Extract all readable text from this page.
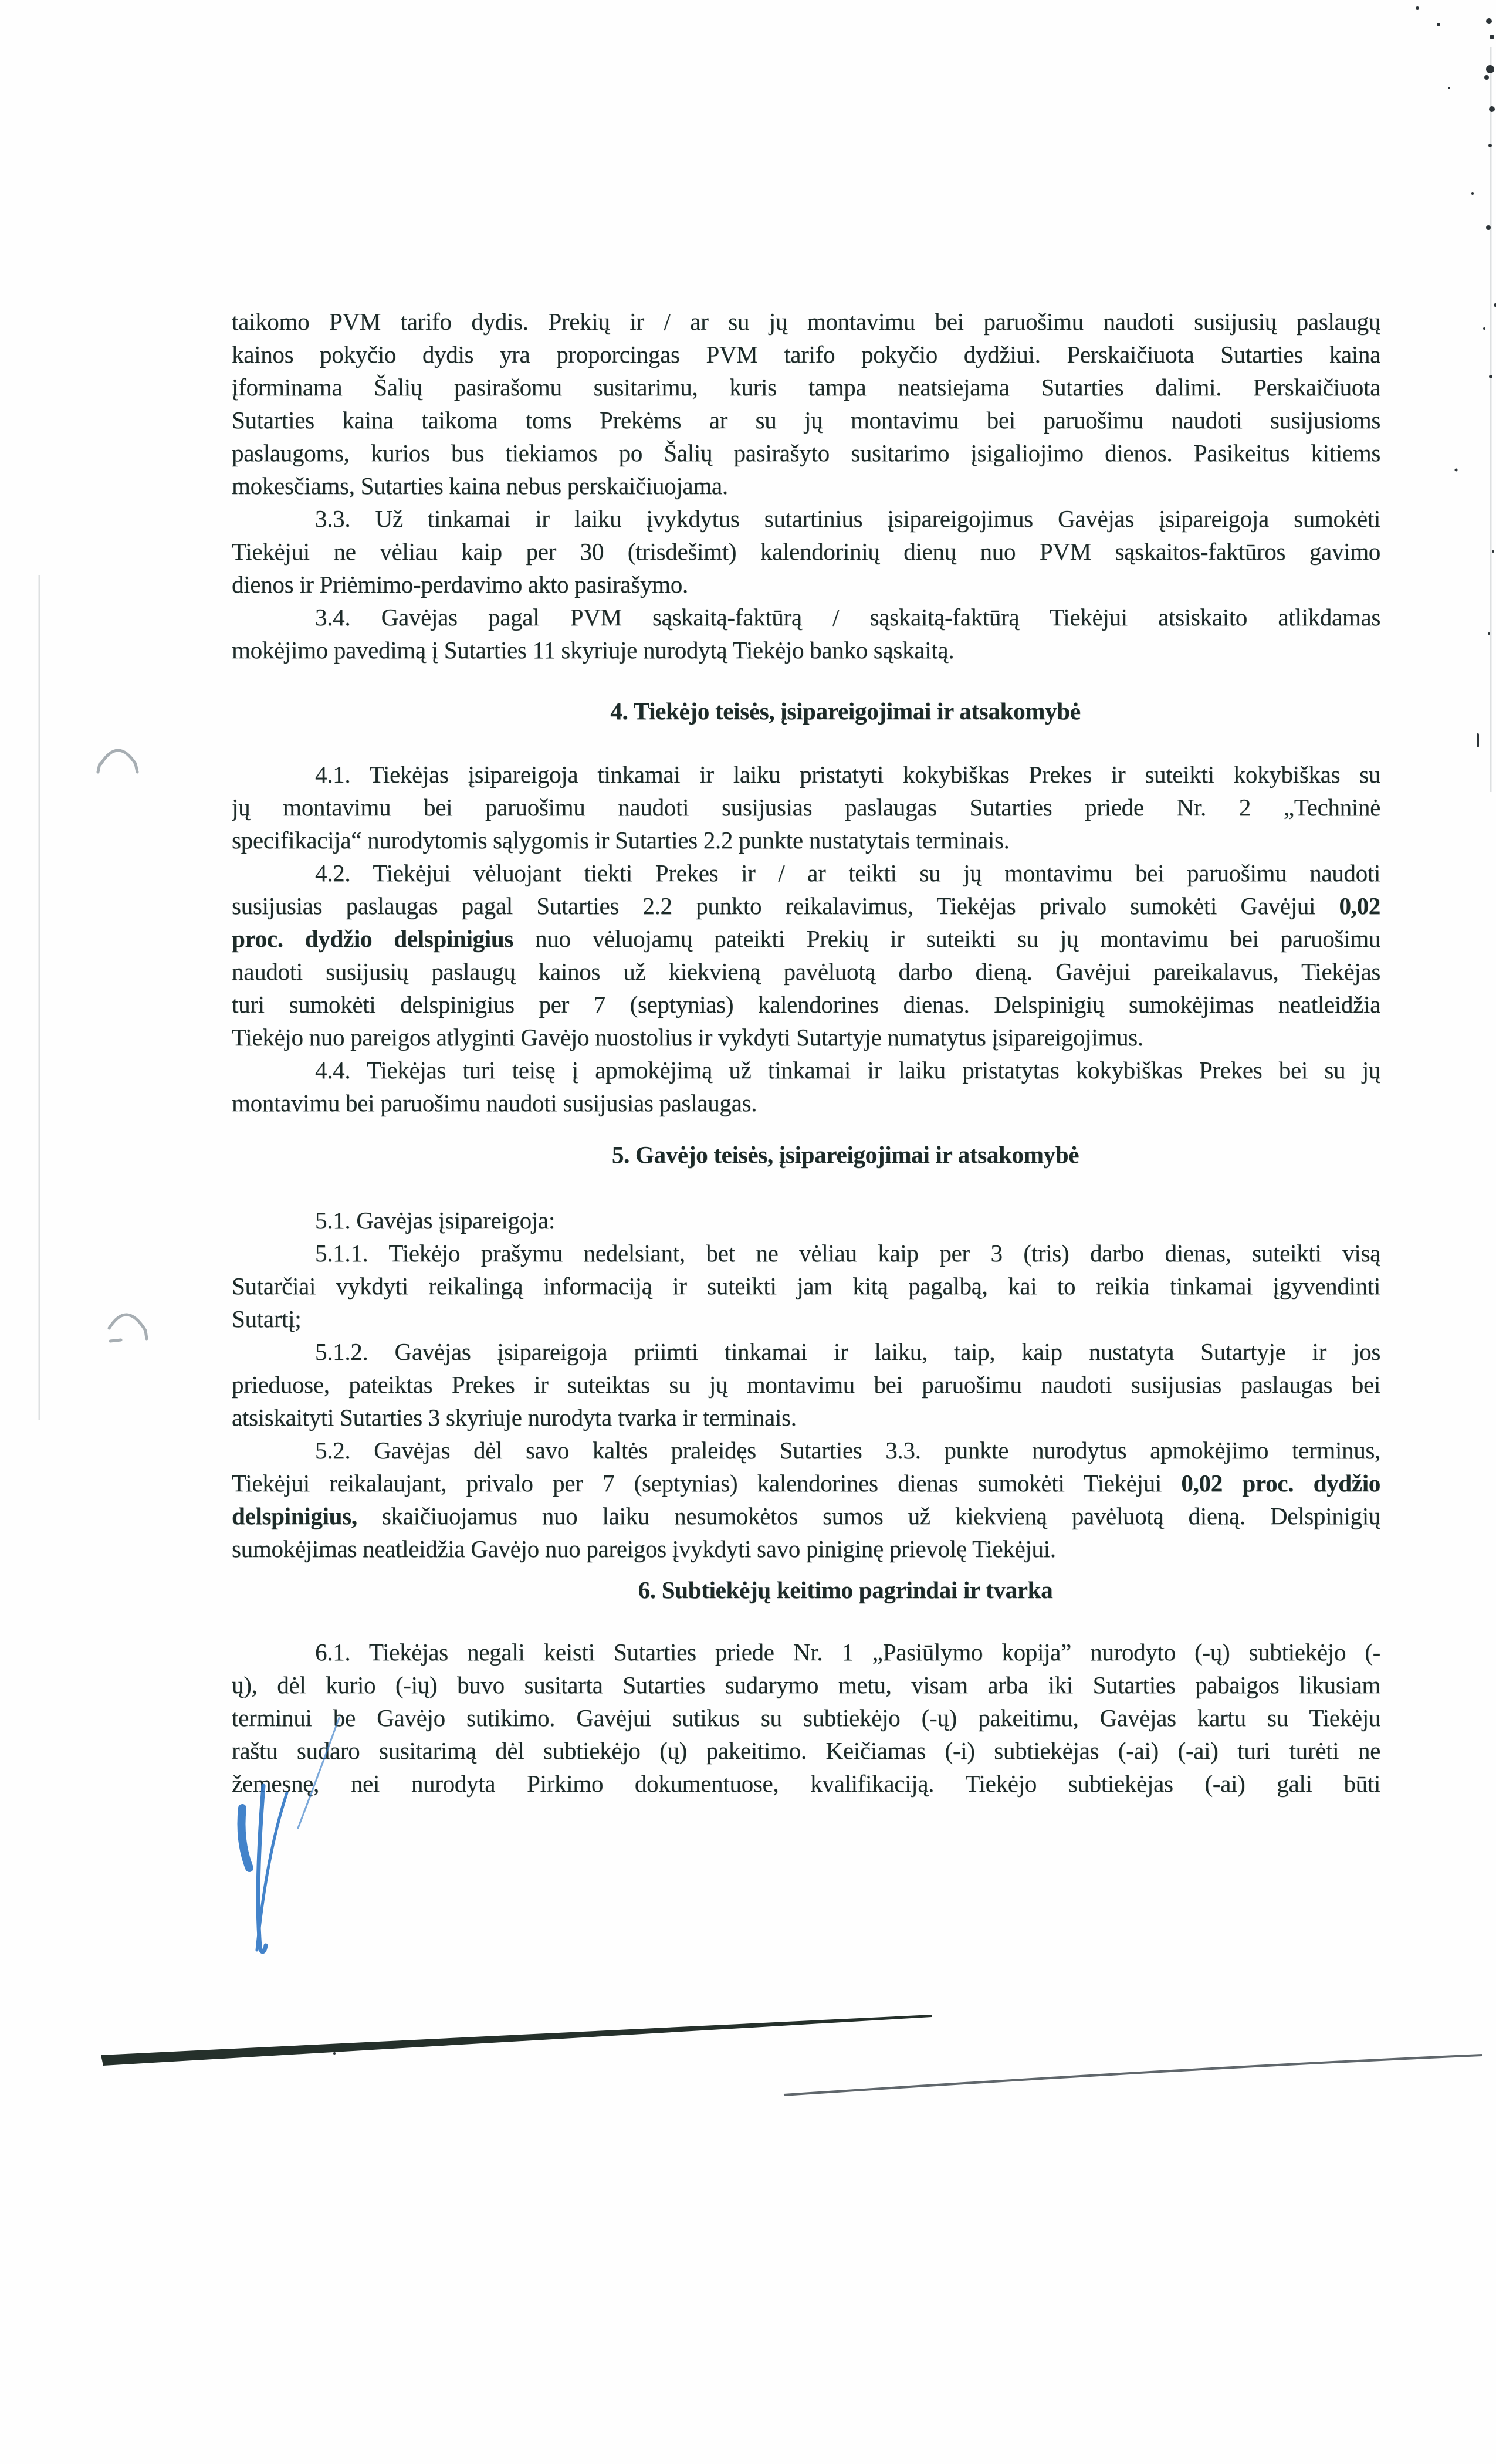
taikomo PVM tarifo dydis. Prekių ir / ar su jų montavimu bei paruošimu naudoti susijusių paslaugų
kainos pokyčio dydis yra proporcingas PVM tarifo pokyčio dydžiui. Perskaičiuota Sutarties kaina
įforminama Šalių pasirašomu susitarimu, kuris tampa neatsiejama Sutarties dalimi. Perskaičiuota
Sutarties kaina taikoma toms Prekėms ar su jų montavimu bei paruošimu naudoti susijusioms
paslaugoms, kurios bus tiekiamos po Šalių pasirašyto susitarimo įsigaliojimo dienos. Pasikeitus kitiems
mokesčiams, Sutarties kaina nebus perskaičiuojama.
3.3. Už tinkamai ir laiku įvykdytus sutartinius įsipareigojimus Gavėjas įsipareigoja sumokėti
Tiekėjui ne vėliau kaip per 30 (trisdešimt) kalendorinių dienų nuo PVM sąskaitos-faktūros gavimo
dienos ir Priėmimo-perdavimo akto pasirašymo.
3.4. Gavėjas pagal PVM sąskaitą-faktūrą / sąskaitą-faktūrą Tiekėjui atsiskaito atlikdamas
mokėjimo pavedimą į Sutarties 11 skyriuje nurodytą Tiekėjo banko sąskaitą.
4. Tiekėjo teisės, įsipareigojimai ir atsakomybė
4.1. Tiekėjas įsipareigoja tinkamai ir laiku pristatyti kokybiškas Prekes ir suteikti kokybiškas su
jų montavimu bei paruošimu naudoti susijusias paslaugas Sutarties priede Nr. 2 „Techninė
specifikacija“ nurodytomis sąlygomis ir Sutarties 2.2 punkte nustatytais terminais.
4.2. Tiekėjui vėluojant tiekti Prekes ir / ar teikti su jų montavimu bei paruošimu naudoti
susijusias paslaugas pagal Sutarties 2.2 punkto reikalavimus, Tiekėjas privalo sumokėti Gavėjui 0,02
proc. dydžio delspinigius nuo vėluojamų pateikti Prekių ir suteikti su jų montavimu bei paruošimu
naudoti susijusių paslaugų kainos už kiekvieną pavėluotą darbo dieną. Gavėjui pareikalavus, Tiekėjas
turi sumokėti delspinigius per 7 (septynias) kalendorines dienas. Delspinigių sumokėjimas neatleidžia
Tiekėjo nuo pareigos atlyginti Gavėjo nuostolius ir vykdyti Sutartyje numatytus įsipareigojimus.
4.4. Tiekėjas turi teisę į apmokėjimą už tinkamai ir laiku pristatytas kokybiškas Prekes bei su jų
montavimu bei paruošimu naudoti susijusias paslaugas.
5. Gavėjo teisės, įsipareigojimai ir atsakomybė
5.1. Gavėjas įsipareigoja:
5.1.1. Tiekėjo prašymu nedelsiant, bet ne vėliau kaip per 3 (tris) darbo dienas, suteikti visą
Sutarčiai vykdyti reikalingą informaciją ir suteikti jam kitą pagalbą, kai to reikia tinkamai įgyvendinti
Sutartį;
5.1.2. Gavėjas įsipareigoja priimti tinkamai ir laiku, taip, kaip nustatyta Sutartyje ir jos
prieduose, pateiktas Prekes ir suteiktas su jų montavimu bei paruošimu naudoti susijusias paslaugas bei
atsiskaityti Sutarties 3 skyriuje nurodyta tvarka ir terminais.
5.2. Gavėjas dėl savo kaltės praleidęs Sutarties 3.3. punkte nurodytus apmokėjimo terminus,
Tiekėjui reikalaujant, privalo per 7 (septynias) kalendorines dienas sumokėti Tiekėjui 0,02 proc. dydžio
delspinigius, skaičiuojamus nuo laiku nesumokėtos sumos už kiekvieną pavėluotą dieną. Delspinigių
sumokėjimas neatleidžia Gavėjo nuo pareigos įvykdyti savo piniginę prievolę Tiekėjui.
6. Subtiekėjų keitimo pagrindai ir tvarka
6.1. Tiekėjas negali keisti Sutarties priede Nr. 1 „Pasiūlymo kopija” nurodyto (-ų) subtiekėjo (-
ų), dėl kurio (-ių) buvo susitarta Sutarties sudarymo metu, visam arba iki Sutarties pabaigos likusiam
terminui be Gavėjo sutikimo. Gavėjui sutikus su subtiekėjo (-ų) pakeitimu, Gavėjas kartu su Tiekėju
raštu sudaro susitarimą dėl subtiekėjo (ų) pakeitimo. Keičiamas (-i) subtiekėjas (-ai) (-ai) turi turėti ne
žemesnę, nei nurodyta Pirkimo dokumentuose, kvalifikaciją. Tiekėjo subtiekėjas (-ai) gali būti
